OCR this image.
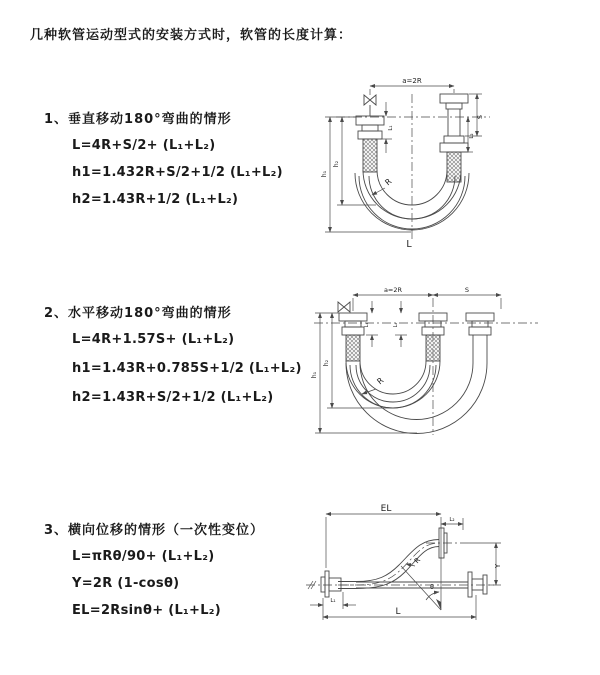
几种软管运动型式的安装方式时，软管的长度计算：
1、垂直移动180°弯曲的情形
L=4R+S/2+ (L₁+L₂)
h1=1.432R+S/2+1/2 (L₁+L₂)
h2=1.43R+1/2 (L₁+L₂)
2、水平移动180°弯曲的情形
L=4R+1.57S+ (L₁+L₂)
h1=1.43R+0.785S+1/2 (L₁+L₂)
h2=1.43R+S/2+1/2 (L₁+L₂)
3、横向位移的情形（一次性变位）
L=πRθ/90+ (L₁+L₂)
Y=2R (1-cosθ)
EL=2Rsinθ+ (L₁+L₂)
a=2R
S
L₂
h₁
h₂
L₁
R
L
a=2R	S
h₁
h₂
L₁	L₂
R
EL
L₂
Y
R
θ
L
L₁
